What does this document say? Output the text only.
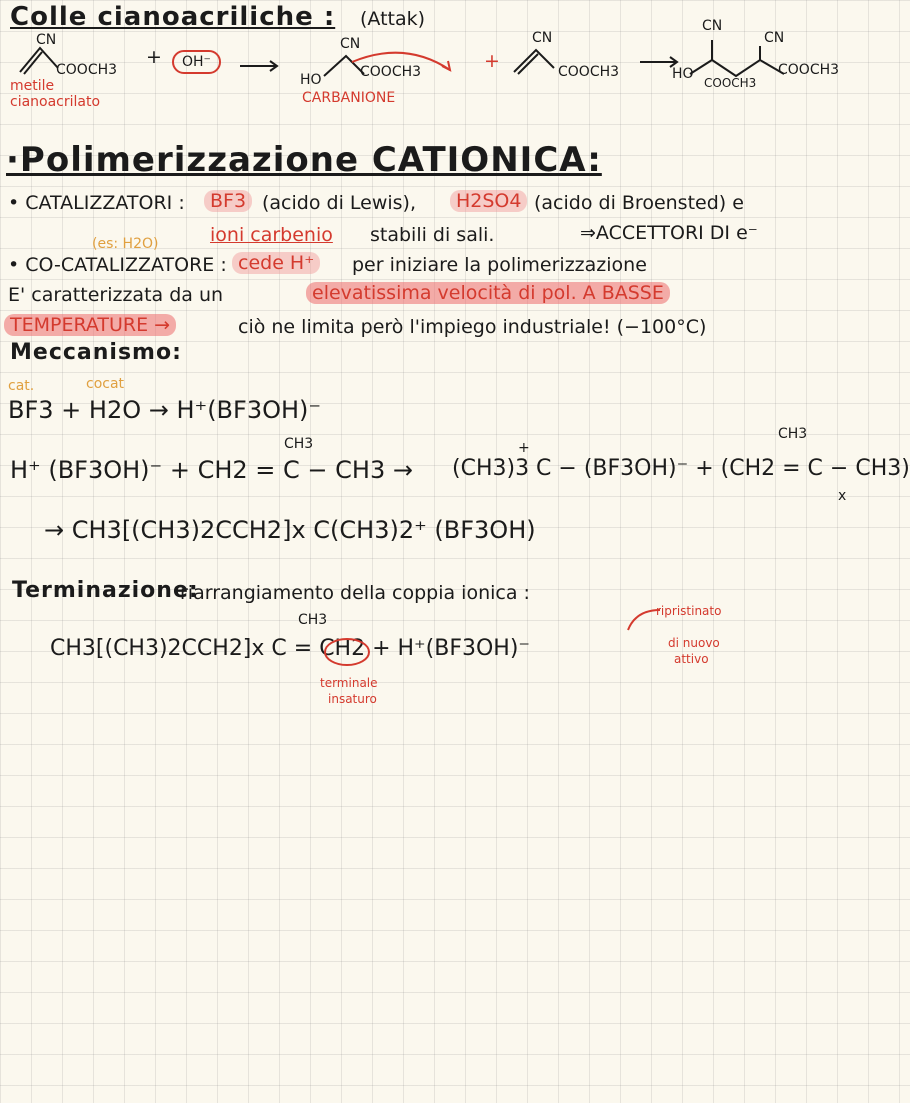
Colle cianoacriliche : (Attak)
CN
COOCH3
metile
cianoacrilato
+	OH⁻
CN
HO	COOCH3
CARBANIONE
+
CN
COOCH3
CN
CN
HO
COOCH3
COOCH3
·Polimerizzazione CATIONICA:
• CATALIZZATORI :	BF3 (acido di Lewis),	H2SO4 (acido di Broensted) e
ioni carbenio stabili di sali.	⇒ACCETTORI DI e⁻
(es: H2O)
• CO-CATALIZZATORE : cede H⁺	per iniziare la polimerizzazione
E' caratterizzata da un	elevatissima velocità di pol. A BASSE
TEMPERATURE →	ciò ne limita però l'impiego industriale! (−100°C)
Meccanismo:
cat.	cocat
BF3 + H2O → H⁺(BF3OH)⁻
CH3
H⁺ (BF3OH)⁻ + CH2 = C − CH3 →
+
(CH3)3 C − (BF3OH)⁻ + (CH2 = C − CH3)
CH3
x
→ CH3[(CH3)2CCH2]x C(CH3)2⁺ (BF3OH)
Terminazione:
riarrangiamento della coppia ionica :
CH3
CH3[(CH3)2CCH2]x C = CH2 + H⁺(BF3OH)⁻
terminale
insaturo
ripristinato
di nuovo
attivo
